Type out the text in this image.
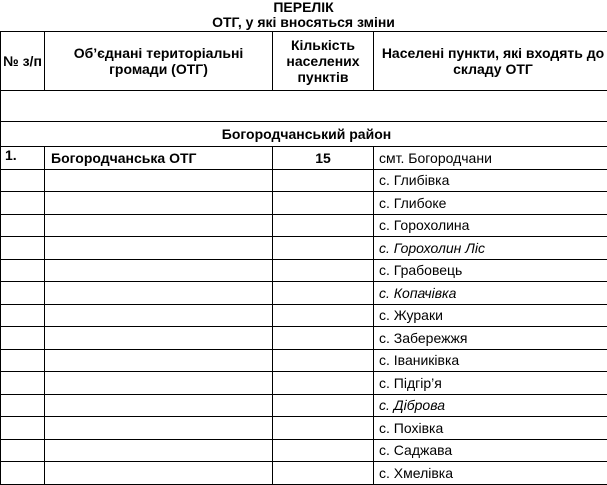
ПЕРЕЛІК
ОТГ, у які вносяться зміни
№ з/п	Об’єднані територіальні громади (ОТГ)	Кількість населених пунктів	Населені пункти, які входять до складу ОТГ

Богородчанський район			
1.	Богородчанська ОТГ	15	смт. Богородчани
			с. Глибівка
			с. Глибоке
			с. Горохолина
			с. Горохолин Ліс
			с. Грабовець
			с. Копачівка
			с. Жураки
			с. Забережжя
			с. Іваниківка
			с. Підгір’я
			с. Діброва
			с. Похівка
			с. Саджава
			с. Хмелівка
